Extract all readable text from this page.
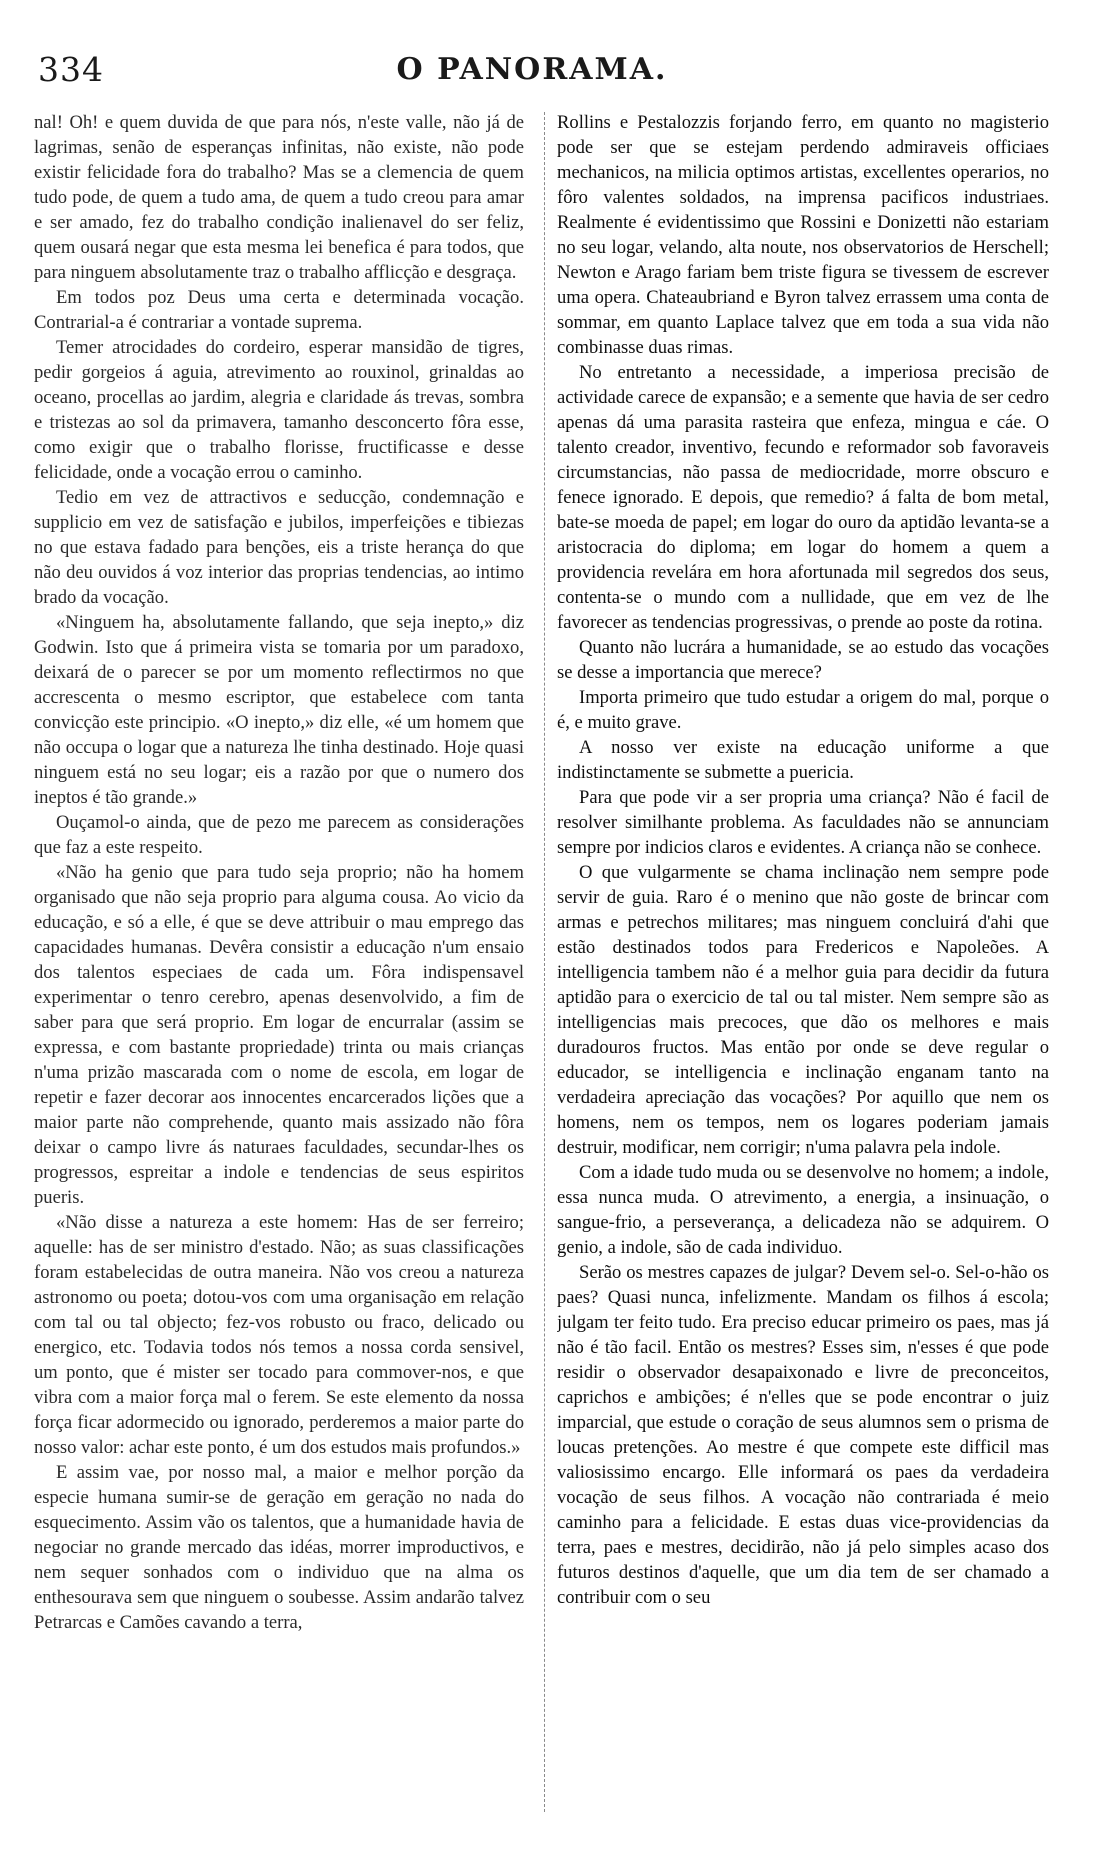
334	O PANORAMA.

nal! Oh! e quem duvida de que para nós, n'este valle, não já de lagrimas, senão de esperanças infinitas, não existe, não pode existir felicidade fora do trabalho? Mas se a clemencia de quem tudo pode, de quem a tudo ama, de quem a tudo creou para amar e ser amado, fez do trabalho condição inalienavel do ser feliz, quem ousará negar que esta mesma lei benefica é para todos, que para ninguem absolutamente traz o trabalho afflicção e desgraça.

Em todos poz Deus uma certa e determinada vocação. Contrarial-a é contrariar a vontade suprema.

Temer atrocidades do cordeiro, esperar mansidão de tigres, pedir gorgeios á aguia, atrevimento ao rouxinol, grinaldas ao oceano, procellas ao jardim, alegria e claridade ás trevas, sombra e tristezas ao sol da primavera, tamanho desconcerto fôra esse, como exigir que o trabalho florisse, fructificasse e desse felicidade, onde a vocação errou o caminho.

Tedio em vez de attractivos e seducção, condemnação e supplicio em vez de satisfação e jubilos, imperfeições e tibiezas no que estava fadado para benções, eis a triste herança do que não deu ouvidos á voz interior das proprias tendencias, ao intimo brado da vocação.

«Ninguem ha, absolutamente fallando, que seja inepto,» diz Godwin. Isto que á primeira vista se tomaria por um paradoxo, deixará de o parecer se por um momento reflectirmos no que accrescenta o mesmo escriptor, que estabelece com tanta convicção este principio. «O inepto,» diz elle, «é um homem que não occupa o logar que a natureza lhe tinha destinado. Hoje quasi ninguem está no seu logar; eis a razão por que o numero dos ineptos é tão grande.»

Ouçamol-o ainda, que de pezo me parecem as considerações que faz a este respeito.

«Não ha genio que para tudo seja proprio; não ha homem organisado que não seja proprio para alguma cousa. Ao vicio da educação, e só a elle, é que se deve attribuir o mau emprego das capacidades humanas. Devêra consistir a educação n'um ensaio dos talentos especiaes de cada um. Fôra indispensavel experimentar o tenro cerebro, apenas desenvolvido, a fim de saber para que será proprio. Em logar de encurralar (assim se expressa, e com bastante propriedade) trinta ou mais crianças n'uma prizão mascarada com o nome de escola, em logar de repetir e fazer decorar aos innocentes encarcerados lições que a maior parte não comprehende, quanto mais assizado não fôra deixar o campo livre ás naturaes faculdades, secundar-lhes os progressos, espreitar a indole e tendencias de seus espiritos pueris.

«Não disse a natureza a este homem: Has de ser ferreiro; aquelle: has de ser ministro d'estado. Não; as suas classificações foram estabelecidas de outra maneira. Não vos creou a natureza astronomo ou poeta; dotou-vos com uma organisação em relação com tal ou tal objecto; fez-vos robusto ou fraco, delicado ou energico, etc. Todavia todos nós temos a nossa corda sensivel, um ponto, que é mister ser tocado para commover-nos, e que vibra com a maior força mal o ferem. Se este elemento da nossa força ficar adormecido ou ignorado, perderemos a maior parte do nosso valor: achar este ponto, é um dos estudos mais profundos.»

E assim vae, por nosso mal, a maior e melhor porção da especie humana sumir-se de geração em geração no nada do esquecimento. Assim vão os talentos, que a humanidade havia de negociar no grande mercado das idéas, morrer improductivos, e nem sequer sonhados com o individuo que na alma os enthesourava sem que ninguem o soubesse. Assim andarão talvez Petrarcas e Camões cavando a terra,

Rollins e Pestalozzis forjando ferro, em quanto no magisterio pode ser que se estejam perdendo admiraveis officiaes mechanicos, na milicia optimos artistas, excellentes operarios, no fôro valentes soldados, na imprensa pacificos industriaes. Realmente é evidentissimo que Rossini e Donizetti não estariam no seu logar, velando, alta noute, nos observatorios de Herschell; Newton e Arago fariam bem triste figura se tivessem de escrever uma opera. Chateaubriand e Byron talvez errassem uma conta de sommar, em quanto Laplace talvez que em toda a sua vida não combinasse duas rimas.

No entretanto a necessidade, a imperiosa precisão de actividade carece de expansão; e a semente que havia de ser cedro apenas dá uma parasita rasteira que enfeza, mingua e cáe. O talento creador, inventivo, fecundo e reformador sob favoraveis circumstancias, não passa de mediocridade, morre obscuro e fenece ignorado. E depois, que remedio? á falta de bom metal, bate-se moeda de papel; em logar do ouro da aptidão levanta-se a aristocracia do diploma; em logar do homem a quem a providencia revelára em hora afortunada mil segredos dos seus, contenta-se o mundo com a nullidade, que em vez de lhe favorecer as tendencias progressivas, o prende ao poste da rotina.

Quanto não lucrára a humanidade, se ao estudo das vocações se desse a importancia que merece?

Importa primeiro que tudo estudar a origem do mal, porque o é, e muito grave.

A nosso ver existe na educação uniforme a que indistinctamente se submette a puericia.

Para que pode vir a ser propria uma criança? Não é facil de resolver similhante problema. As faculdades não se annunciam sempre por indicios claros e evidentes. A criança não se conhece.

O que vulgarmente se chama inclinação nem sempre pode servir de guia. Raro é o menino que não goste de brincar com armas e petrechos militares; mas ninguem concluirá d'ahi que estão destinados todos para Fredericos e Napoleões. A intelligencia tambem não é a melhor guia para decidir da futura aptidão para o exercicio de tal ou tal mister. Nem sempre são as intelligencias mais precoces, que dão os melhores e mais duradouros fructos. Mas então por onde se deve regular o educador, se intelligencia e inclinação enganam tanto na verdadeira apreciação das vocações? Por aquillo que nem os homens, nem os tempos, nem os logares poderiam jamais destruir, modificar, nem corrigir; n'uma palavra pela indole.

Com a idade tudo muda ou se desenvolve no homem; a indole, essa nunca muda. O atrevimento, a energia, a insinuação, o sangue-frio, a perseverança, a delicadeza não se adquirem. O genio, a indole, são de cada individuo.

Serão os mestres capazes de julgar? Devem sel-o. Sel-o-hão os paes? Quasi nunca, infelizmente. Mandam os filhos á escola; julgam ter feito tudo. Era preciso educar primeiro os paes, mas já não é tão facil. Então os mestres? Esses sim, n'esses é que pode residir o observador desapaixonado e livre de preconceitos, caprichos e ambições; é n'elles que se pode encontrar o juiz imparcial, que estude o coração de seus alumnos sem o prisma de loucas pretenções. Ao mestre é que compete este difficil mas valiosissimo encargo. Elle informará os paes da verdadeira vocação de seus filhos. A vocação não contrariada é meio caminho para a felicidade. E estas duas vice-providencias da terra, paes e mestres, decidirão, não já pelo simples acaso dos futuros destinos d'aquelle, que um dia tem de ser chamado a contribuir com o seu
